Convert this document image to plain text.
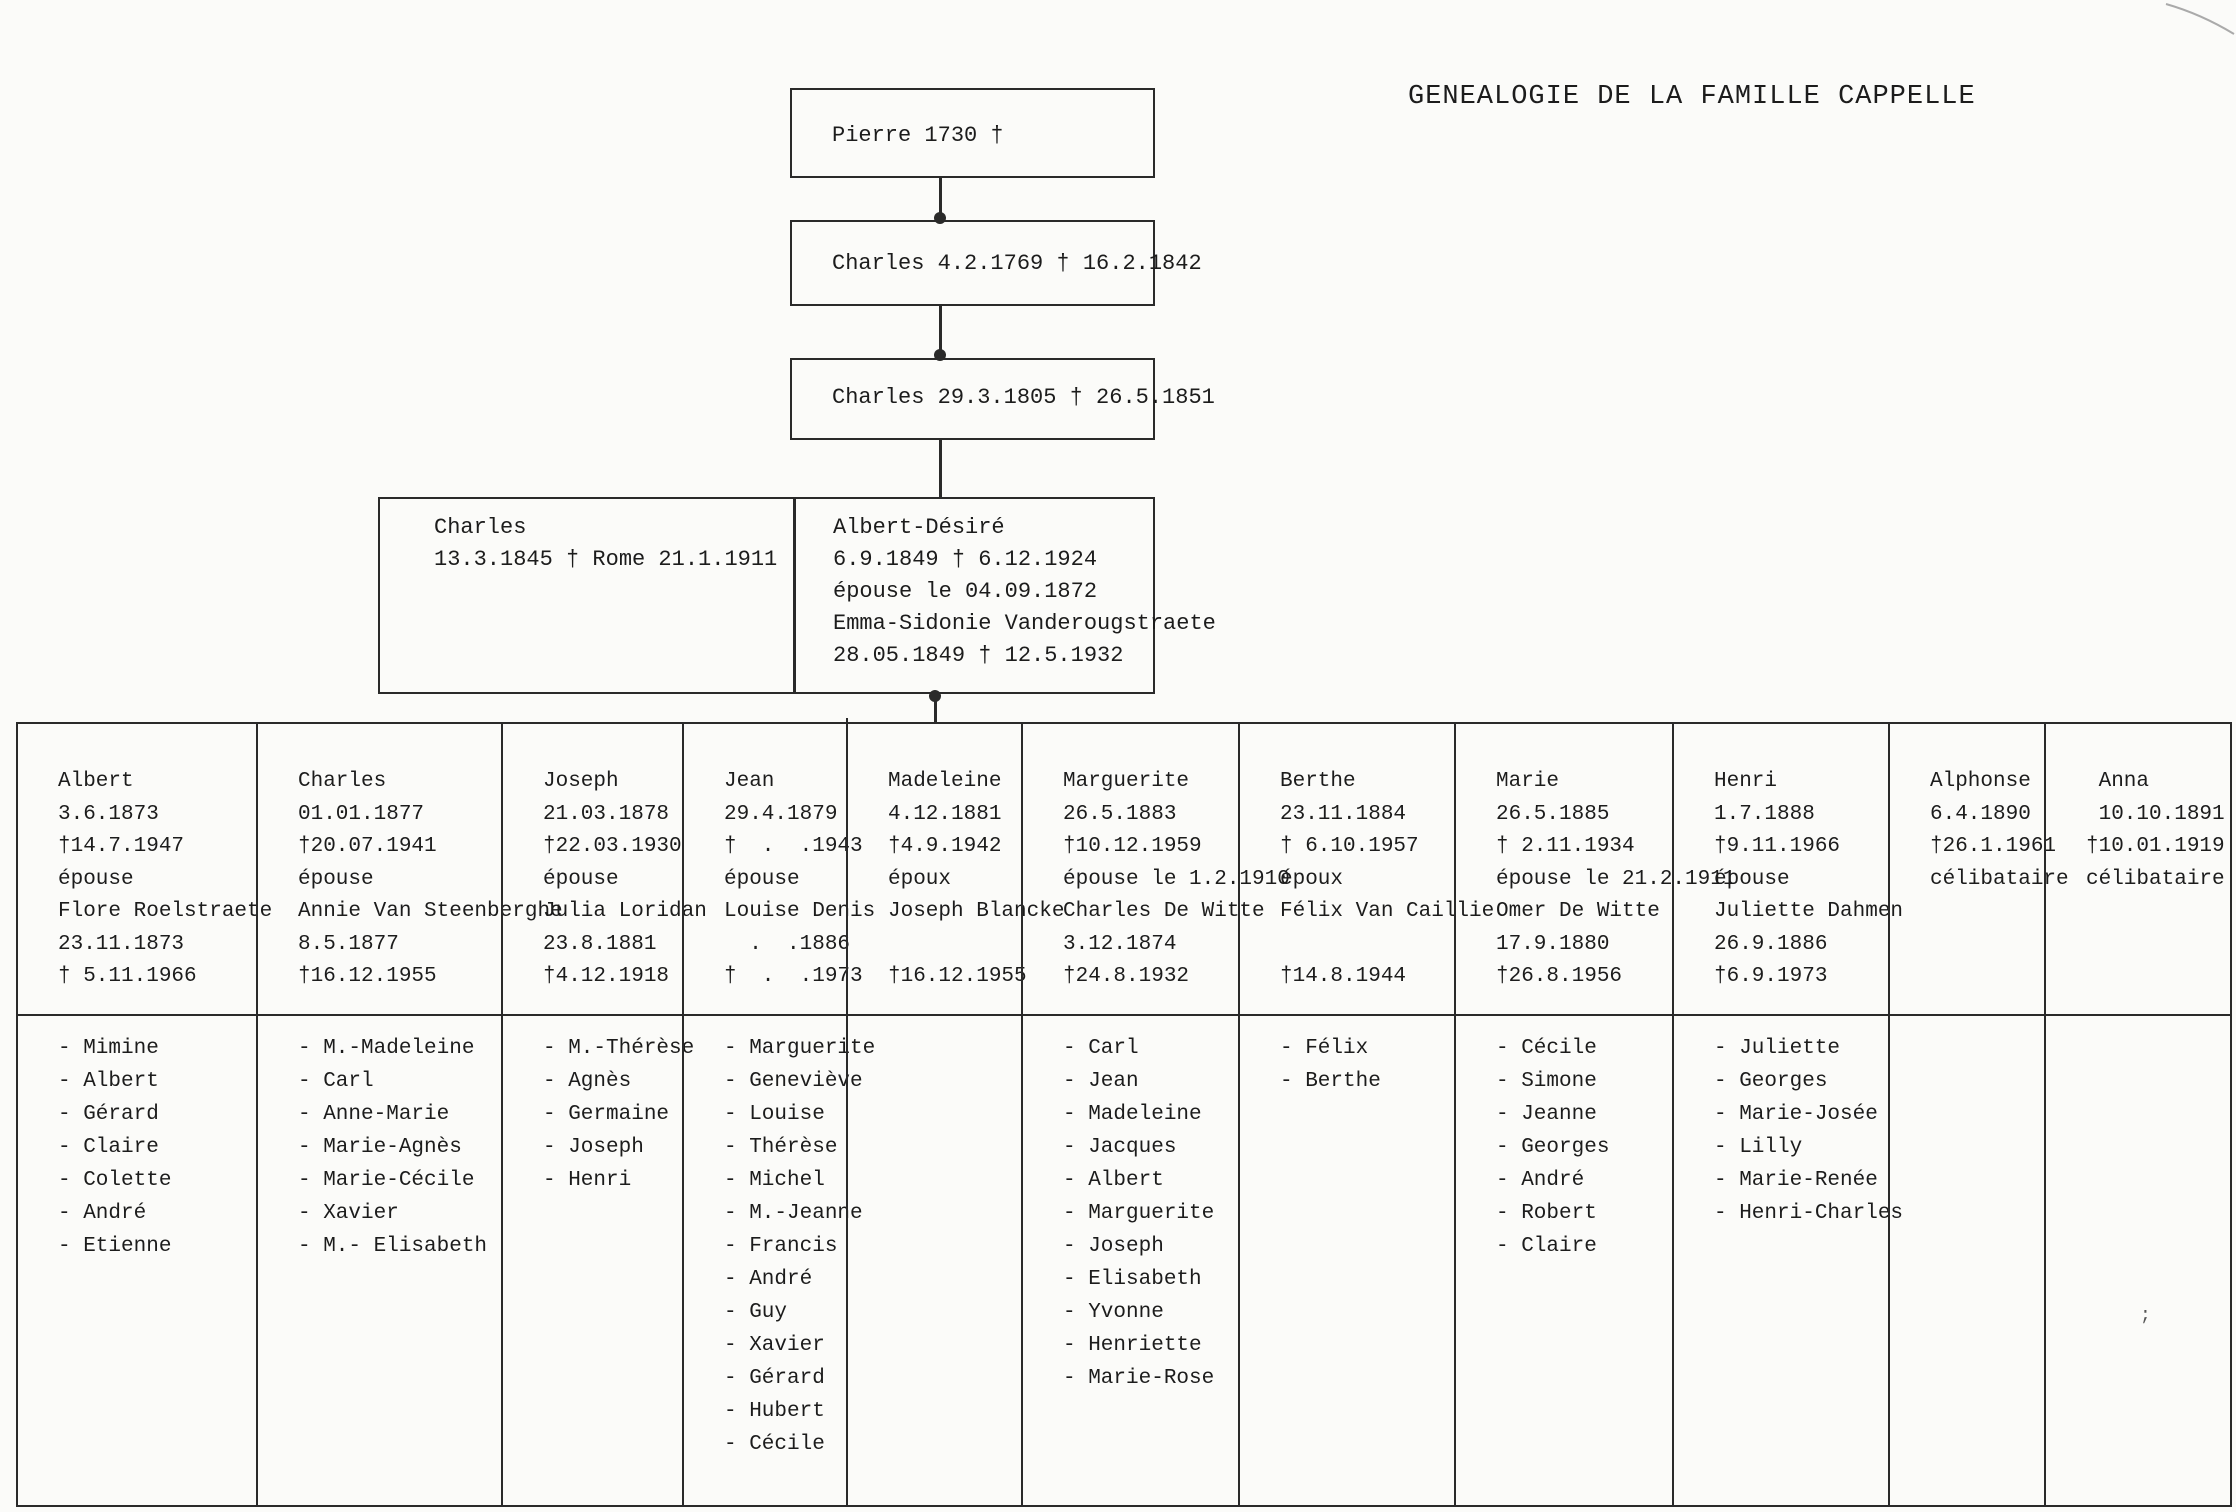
GENEALOGIE DE LA FAMILLE CAPPELLE
Pierre 1730 †
Charles 4.2.1769 † 16.2.1842
Charles 29.3.1805 † 26.5.1851
Charles
13.3.1845 † Rome 21.1.1911
Albert-Désiré
6.9.1849 † 6.12.1924
épouse le 04.09.1872
Emma-Sidonie Vanderougstraete
28.05.1849 † 12.5.1932
Albert
3.6.1873
†14.7.1947
épouse
Flore Roelstraete
23.11.1873
† 5.11.1966
- Mimine
- Albert
- Gérard
- Claire
- Colette
- André
- Etienne
Charles
01.01.1877
†20.07.1941
épouse
Annie Van Steenberghe
8.5.1877
†16.12.1955
- M.-Madeleine
- Carl
- Anne-Marie
- Marie-Agnès
- Marie-Cécile
- Xavier
- M.- Elisabeth
Joseph
21.03.1878
†22.03.1930
épouse
Julia Loridan
23.8.1881
†4.12.1918
- M.-Thérèse
- Agnès
- Germaine
- Joseph
- Henri
Jean
29.4.1879
†  .  .1943
épouse
Louise Denis
.  .1886
†  .  .1973
- Marguerite
- Geneviève
- Louise
- Thérèse
- Michel
- M.-Jeanne
- Francis
- André
- Guy
- Xavier
- Gérard
- Hubert
- Cécile
Madeleine
4.12.1881
†4.9.1942
époux
Joseph Blancke
†16.12.1955
Marguerite
26.5.1883
†10.12.1959
épouse le 1.2.1910
Charles De Witte
3.12.1874
†24.8.1932
- Carl
- Jean
- Madeleine
- Jacques
- Albert
- Marguerite
- Joseph
- Elisabeth
- Yvonne
- Henriette
- Marie-Rose
Berthe
23.11.1884
† 6.10.1957
époux
Félix Van Caillie
†14.8.1944
- Félix
- Berthe
Marie
26.5.1885
† 2.11.1934
épouse le 21.2.1911
Omer De Witte
17.9.1880
†26.8.1956
- Cécile
- Simone
- Jeanne
- Georges
- André
- Robert
- Claire
Henri
1.7.1888
†9.11.1966
épouse
Juliette Dahmen
26.9.1886
†6.9.1973
- Juliette
- Georges
- Marie-Josée
- Lilly
- Marie-Renée
- Henri-Charles
Alphonse
6.4.1890
†26.1.1961
célibataire
Anna
10.10.1891
†10.01.1919
célibataire
;
